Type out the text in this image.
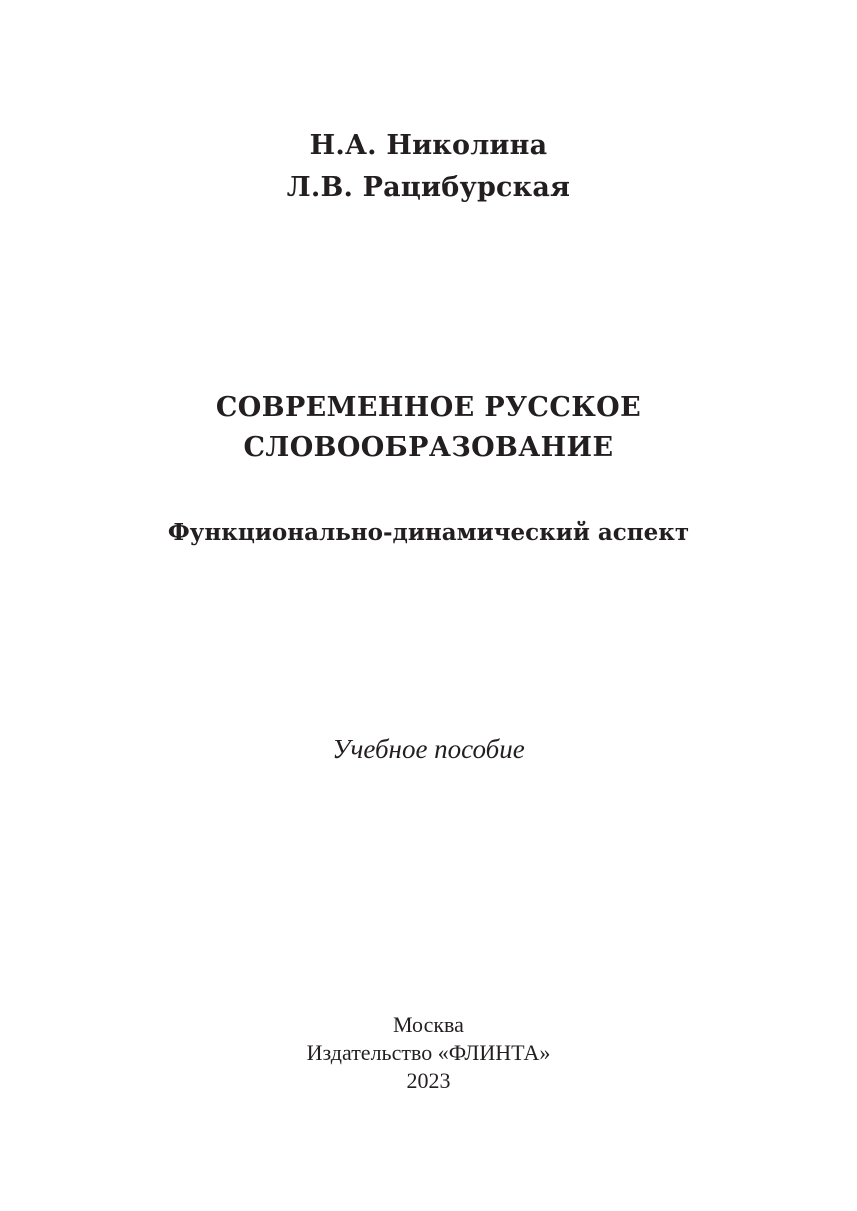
Н.А. Николина
Л.В. Рацибурская
СОВРЕМЕННОЕ РУССКОЕ
СЛОВООБРАЗОВАНИЕ
Функционально-динамический аспект
Учебное пособие
Москва
Издательство «ФЛИНТА»
2023
